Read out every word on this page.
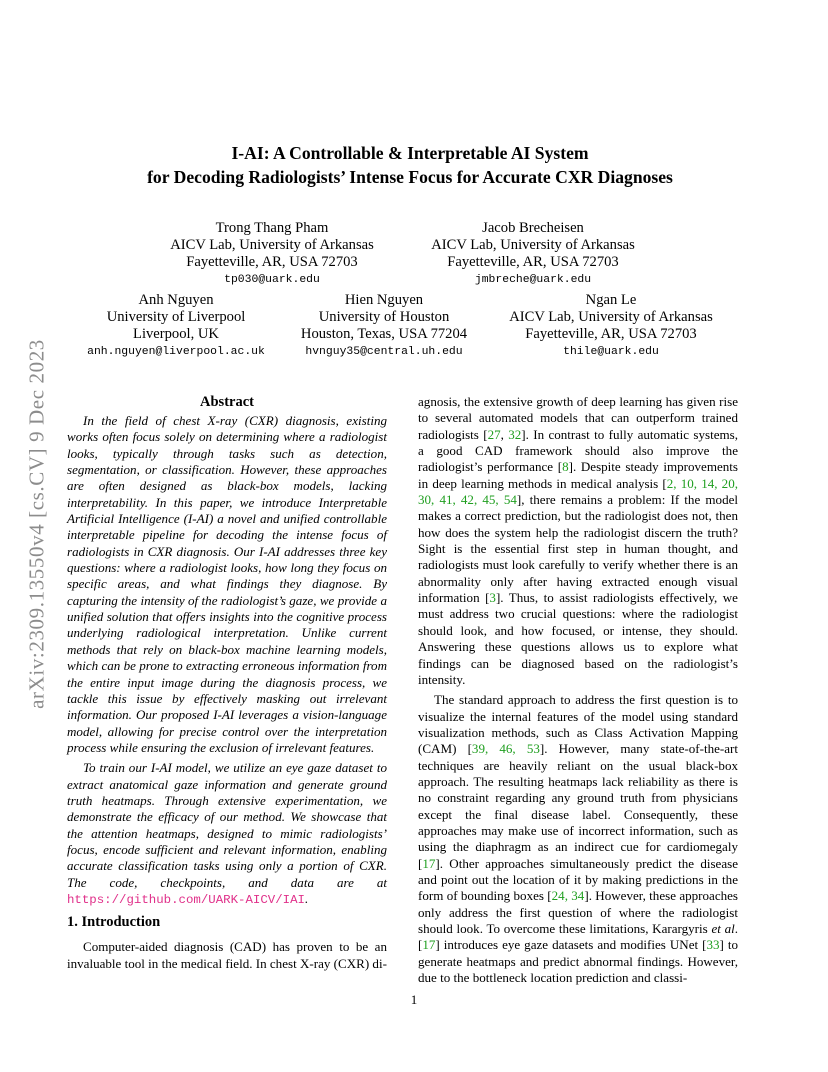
arXiv:2309.13550v4 [cs.CV] 9 Dec 2023
I-AI: A Controllable & Interpretable AI System
for Decoding Radiologists’ Intense Focus for Accurate CXR Diagnoses
Trong Thang Pham
AICV Lab, University of Arkansas
Fayetteville, AR, USA 72703
tp030@uark.edu
Jacob Brecheisen
AICV Lab, University of Arkansas
Fayetteville, AR, USA 72703
jmbreche@uark.edu
Anh Nguyen
University of Liverpool
Liverpool, UK
anh.nguyen@liverpool.ac.uk
Hien Nguyen
University of Houston
Houston, Texas, USA 77204
hvnguy35@central.uh.edu
Ngan Le
AICV Lab, University of Arkansas
Fayetteville, AR, USA 72703
thile@uark.edu
Abstract

In the field of chest X-ray (CXR) diagnosis, existing works often focus solely on determining where a radiologist looks, typically through tasks such as detection, segmentation, or classification. However, these approaches are often designed as black-box models, lacking interpretability. In this paper, we introduce Interpretable Artificial Intelligence (I-AI) a novel and unified controllable interpretable pipeline for decoding the intense focus of radiologists in CXR diagnosis. Our I-AI addresses three key questions: where a radiologist looks, how long they focus on specific areas, and what findings they diagnose. By capturing the intensity of the radiologist’s gaze, we provide a unified solution that offers insights into the cognitive process underlying radiological interpretation. Unlike current methods that rely on black-box machine learning models, which can be prone to extracting erroneous information from the entire input image during the diagnosis process, we tackle this issue by effectively masking out irrelevant information. Our proposed I-AI leverages a vision-language model, allowing for precise control over the interpretation process while ensuring the exclusion of irrelevant features.

To train our I-AI model, we utilize an eye gaze dataset to extract anatomical gaze information and generate ground truth heatmaps. Through extensive experimentation, we demonstrate the efficacy of our method. We showcase that the attention heatmaps, designed to mimic radiologists’ focus, encode sufficient and relevant information, enabling accurate classification tasks using only a portion of CXR. The code, checkpoints, and data are at https://github.com/UARK-AICV/IAI.

1. Introduction

Computer-aided diagnosis (CAD) has proven to be an invaluable tool in the medical field. In chest X-ray (CXR) di-

agnosis, the extensive growth of deep learning has given rise to several automated models that can outperform trained radiologists [27, 32]. In contrast to fully automatic systems, a good CAD framework should also improve the radiologist’s performance [8]. Despite steady improvements in deep learning methods in medical analysis [2, 10, 14, 20, 30, 41, 42, 45, 54], there remains a problem: If the model makes a correct prediction, but the radiologist does not, then how does the system help the radiologist discern the truth? Sight is the essential first step in human thought, and radiologists must look carefully to verify whether there is an abnormality only after having extracted enough visual information [3]. Thus, to assist radiologists effectively, we must address two crucial questions: where the radiologist should look, and how focused, or intense, they should. Answering these questions allows us to explore what findings can be diagnosed based on the radiologist’s intensity.

The standard approach to address the first question is to visualize the internal features of the model using standard visualization methods, such as Class Activation Mapping (CAM) [39, 46, 53]. However, many state-of-the-art techniques are heavily reliant on the usual black-box approach. The resulting heatmaps lack reliability as there is no constraint regarding any ground truth from physicians except the final disease label. Consequently, these approaches may make use of incorrect information, such as using the diaphragm as an indirect cue for cardiomegaly [17]. Other approaches simultaneously predict the disease and point out the location of it by making predictions in the form of bounding boxes [24, 34]. However, these approaches only address the first question of where the radiologist should look. To overcome these limitations, Karargyris et al. [17] introduces eye gaze datasets and modifies UNet [33] to generate heatmaps and predict abnormal findings. However, due to the bottleneck location prediction and classi-

1
